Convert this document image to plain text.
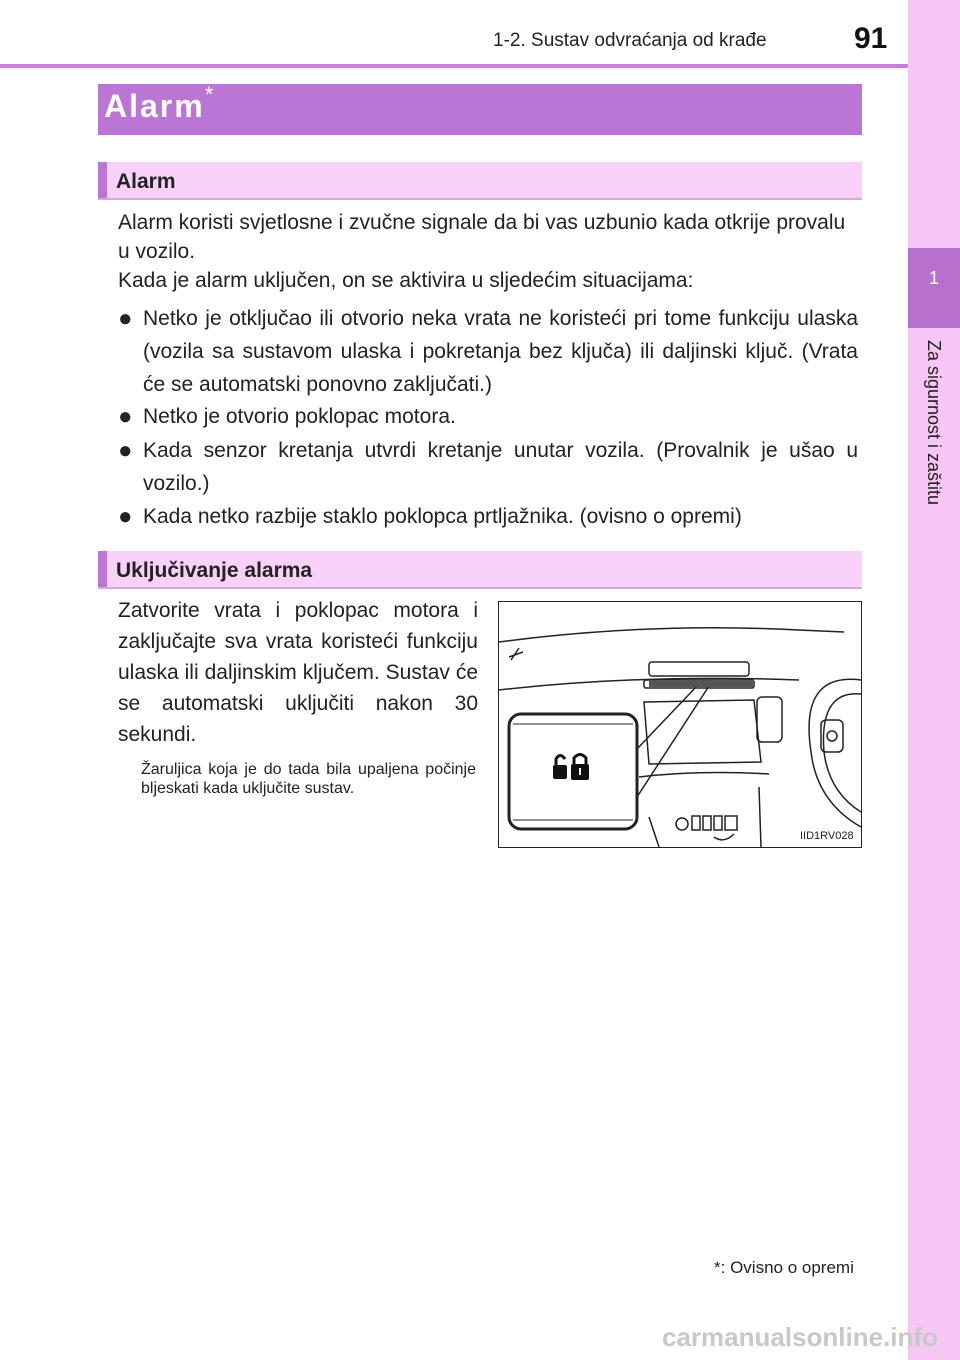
1-2. Sustav odvraćanja od krađe	91
1
Za sigurnost i zaštitu
Alarm*
Alarm
Alarm koristi svjetlosne i zvučne signale da bi vas uzbunio kada otkrije provalu u vozilo.
Kada je alarm uključen, on se aktivira u sljedećim situacijama:
● Netko je otključao ili otvorio neka vrata ne koristeći pri tome funkciju ulaska (vozila sa sustavom ulaska i pokretanja bez ključa) ili daljinski ključ. (Vrata će se automatski ponovno zaključati.)
● Netko je otvorio poklopac motora.
● Kada senzor kretanja utvrdi kretanje unutar vozila. (Provalnik je ušao u vozilo.)
● Kada netko razbije staklo poklopca prtljažnika. (ovisno o opremi)
Uključivanje alarma
Zatvorite vrata i poklopac motora i zaključajte sva vrata koristeći funkciju ulaska ili daljinskim ključem. Sustav će se automatski uključiti nakon 30 sekundi.
Žaruljica koja je do tada bila upaljena počinje bljeskati kada uključite sustav.
IID1RV028
*: Ovisno o opremi
carmanualsonline.info
